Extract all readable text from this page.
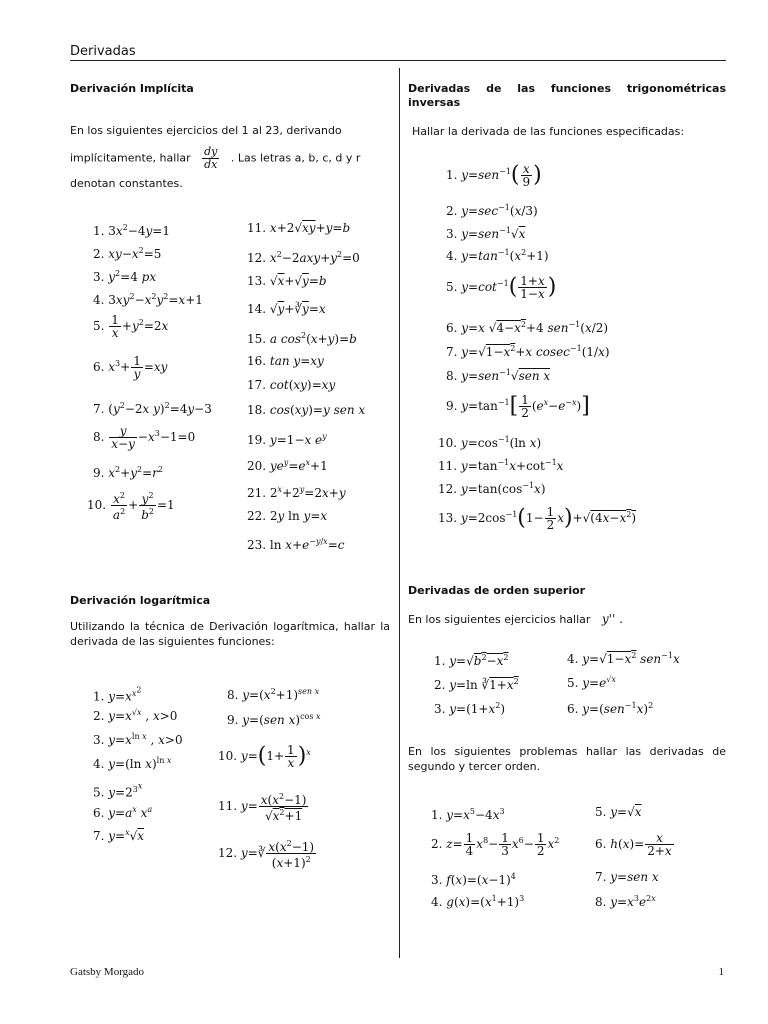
Derivadas
Derivación Implícita
En los siguientes ejercicios del 1 al 23, derivando
implícitamente, hallar $\frac{dy}{dx}$ . Las letras a, b, c, d y r
denotan constantes.
1. $3x^2-4y=1$
2. $xy-x^2=5$
3. $y^2=4$ px
4. $3xy^2-x^2y^2=x+1$
5. $\frac{1}{x} +y^2=2x$
6. $x^3+ \frac{1}{y} =xy$
7. ($y^2-2x$ y)$^2$=4y−3
8. $\frac{y}{x-y} -x^3-1=0$
9. $x^2+y^2=r^2$
10. $\frac{x^2}{a^2} + \frac{y^2}{b^2} =1$
11. x+2√xy+y=b
12. $x^2-2axy+y^2=0$
13. √x+√y=b
14. $√y+∛\overline{y}=x$
15. a $\cos^2(x+y)=b$
16. tan y=xy
17. cot(xy)=xy
18. cos(xy)=y sen x
19. y=1−x $e^y$
20. $ye^y=e^x+1$
21. $2^x+2^y=2x+y$
22. 2y ln y=x
23. $\ln x+e^{-y/x}=c$
Derivación logarítmica
Utilizando la técnica de Derivación logarítmica, hallar la derivada de las siguientes funciones:
1. $y=x^{x^2}$
2. $y=x^{√x}$ , x>0
3. $y=x^{ln x}$ , x>0
4. y=(ln x)$^{ln x}$
5. $y=2^{3^x}$
6. $y=a^x$ $x^a$
7. y=$^x$√x
8. $y=(x^2+1)^{sen x}$
9. y=(sen x)$^{cos x}$
10. $y=(1+ \frac{1}{x} )^x$
11. $y= \frac{x(x^2-1)}{√x^2+1}$
12. y=∛ $\frac{x(x^2-1)}{(x+1)^2}$
Derivadas de las funciones trigonométricas inversas
Hallar la derivada de las funciones especificadas:
1. $y=sen^{-1}( \frac{x}{9}$ )
2. $y=\sec^{-1}(x/3)$
3. y=sen$^{-1}$√x
4. $y=\tan^{-1}(x^2+1)$
5. $y=\cot^{-1}( \frac{1+x}{1-x}$ )
6. y=x $√4-x^2+4$ sen$^{-1}$(x/2)
7. $y=√1-x^2+x$ cosec$^{-1}$(1/x)
8. y=sen$^{-1}$√sen x
9. $y=\tan^{-1}[ \frac{1}{2} (e^x-e^{-x})]$
10. $y=\cos^{-1}(\ln$ x)
11. $y=\tan^{-1}x+\cot^{-1}x$
12. $y=\tan(\cos^{-1}x)$
13. $y=2\cos^{-1}(1- \frac{1}{2} x)+√(4x-x^2)$
Derivadas de orden superior
En los siguientes ejercicios hallar y'' .
1. $y=√b^2-x^2$
2. y=ln $∛1+x^2$
3. $y=(1+x^2)$
4. $y=√1-x^2$ sen$^{-1}$x
5. $y=e^{√x}$
6. $y=(sen^{-1}x)^2$
En los siguientes problemas hallar las derivadas de segundo y tercer orden.
1. $y=x^5-4x^3$
2. $z= \frac{1}{4} x^8- \frac{1}{3} x^6- \frac{1}{2} x^2$
3. $f(x)=(x-1)^4$
4. $g(x)=(x^1+1)^3$
5. y=√x
6. $h(x)= \frac{x}{2+x}$
7. y=sen x
8. $y=x^3e^{2x}$
Gatsby Morgado	1
